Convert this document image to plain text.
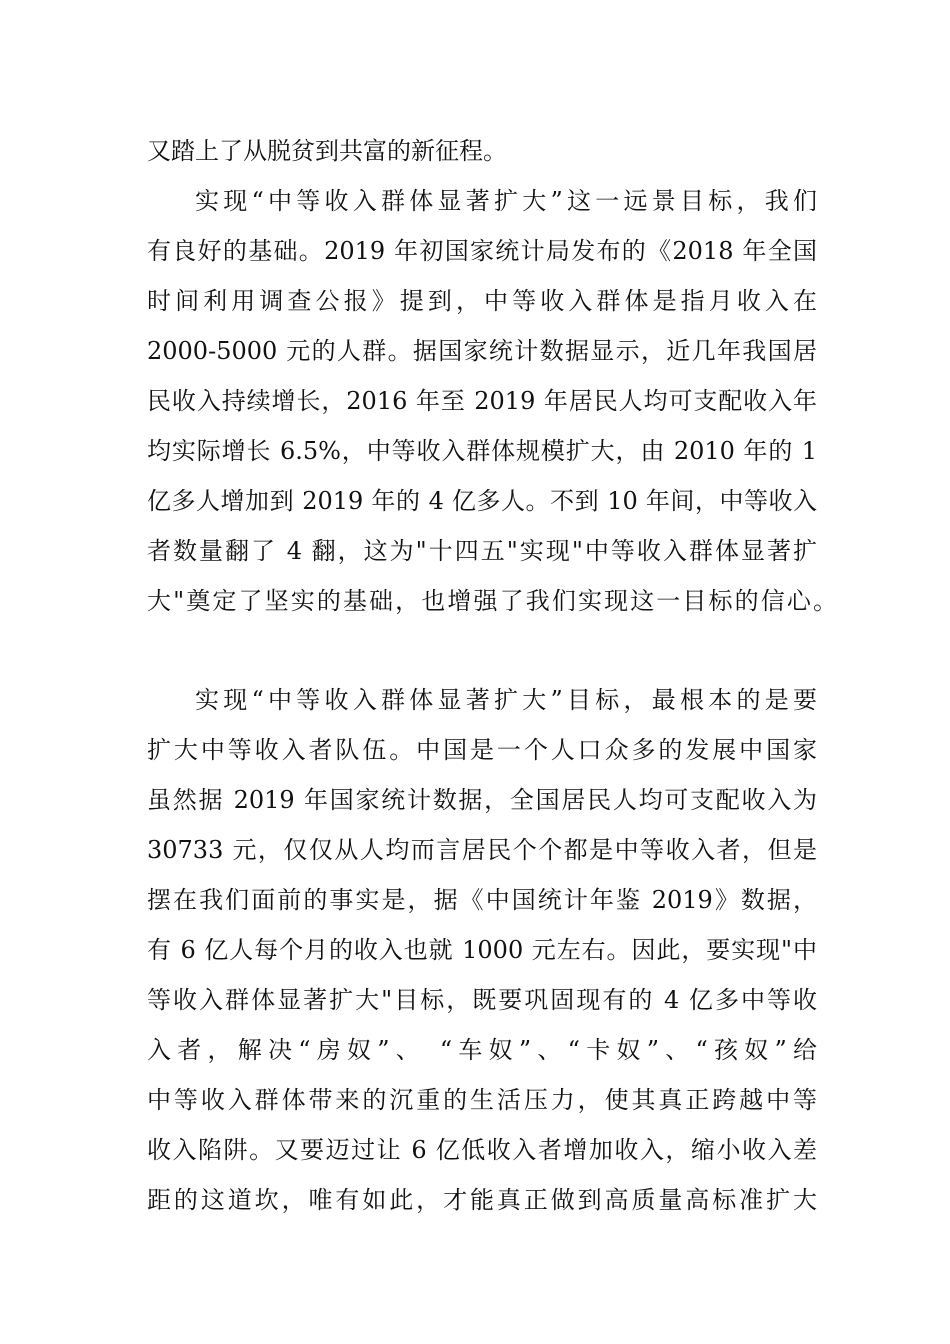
又踏上了从脱贫到共富的新征程。
实现“中等收入群体显著扩大”这一远景目标，我们
有良好的基础。2019 年初国家统计局发布的《2018 年全国
时间利用调查公报》提到，中等收入群体是指月收入在
2000-5000 元的人群。据国家统计数据显示，近几年我国居
民收入持续增长，2016 年至 2019 年居民人均可支配收入年
均实际增长 6.5%，中等收入群体规模扩大，由 2010 年的 1
亿多人增加到 2019 年的 4 亿多人。不到 10 年间，中等收入
者数量翻了 4 翻，这为"十四五"实现"中等收入群体显著扩
大"奠定了坚实的基础，也增强了我们实现这一目标的信心。
实现“中等收入群体显著扩大”目标，最根本的是要
扩大中等收入者队伍。中国是一个人口众多的发展中国家
虽然据 2019 年国家统计数据，全国居民人均可支配收入为
30733 元，仅仅从人均而言居民个个都是中等收入者，但是
摆在我们面前的事实是，据《中国统计年鉴 2019》数据，
有 6 亿人每个月的收入也就 1000 元左右。因此，要实现"中
等收入群体显著扩大"目标，既要巩固现有的 4 亿多中等收
入者，解决“房奴”、 “车奴”、“卡奴”、“孩奴”给
中等收入群体带来的沉重的生活压力，使其真正跨越中等
收入陷阱。又要迈过让 6 亿低收入者增加收入，缩小收入差
距的这道坎，唯有如此，才能真正做到高质量高标准扩大
